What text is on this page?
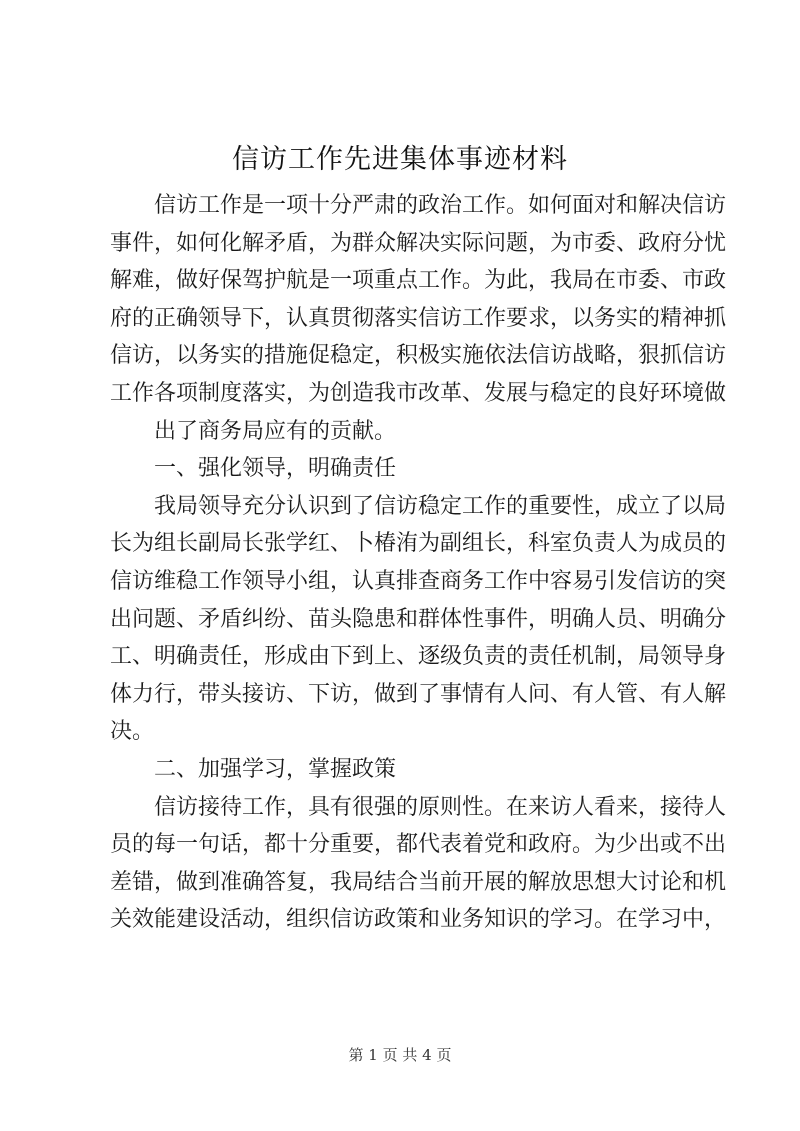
信访工作先进集体事迹材料
　　信访工作是一项十分严肃的政治工作。如何面对和解决信访
事件，如何化解矛盾，为群众解决实际问题，为市委、政府分忧
解难，做好保驾护航是一项重点工作。为此，我局在市委、市政
府的正确领导下，认真贯彻落实信访工作要求，以务实的精神抓
信访，以务实的措施促稳定，积极实施依法信访战略，狠抓信访
工作各项制度落实，为创造我市改革、发展与稳定的良好环境做
　　出了商务局应有的贡献。
　　一、强化领导，明确责任
　　我局领导充分认识到了信访稳定工作的重要性，成立了以局
长为组长副局长张学红、卜椿洧为副组长，科室负责人为成员的
信访维稳工作领导小组，认真排查商务工作中容易引发信访的突
出问题、矛盾纠纷、苗头隐患和群体性事件，明确人员、明确分
工、明确责任，形成由下到上、逐级负责的责任机制，局领导身
体力行，带头接访、下访，做到了事情有人问、有人管、有人解
决。
　　二、加强学习，掌握政策
　　信访接待工作，具有很强的原则性。在来访人看来，接待人
员的每一句话，都十分重要，都代表着党和政府。为少出或不出
差错，做到准确答复，我局结合当前开展的解放思想大讨论和机
关效能建设活动，组织信访政策和业务知识的学习。在学习中，
第 1 页 共 4 页
